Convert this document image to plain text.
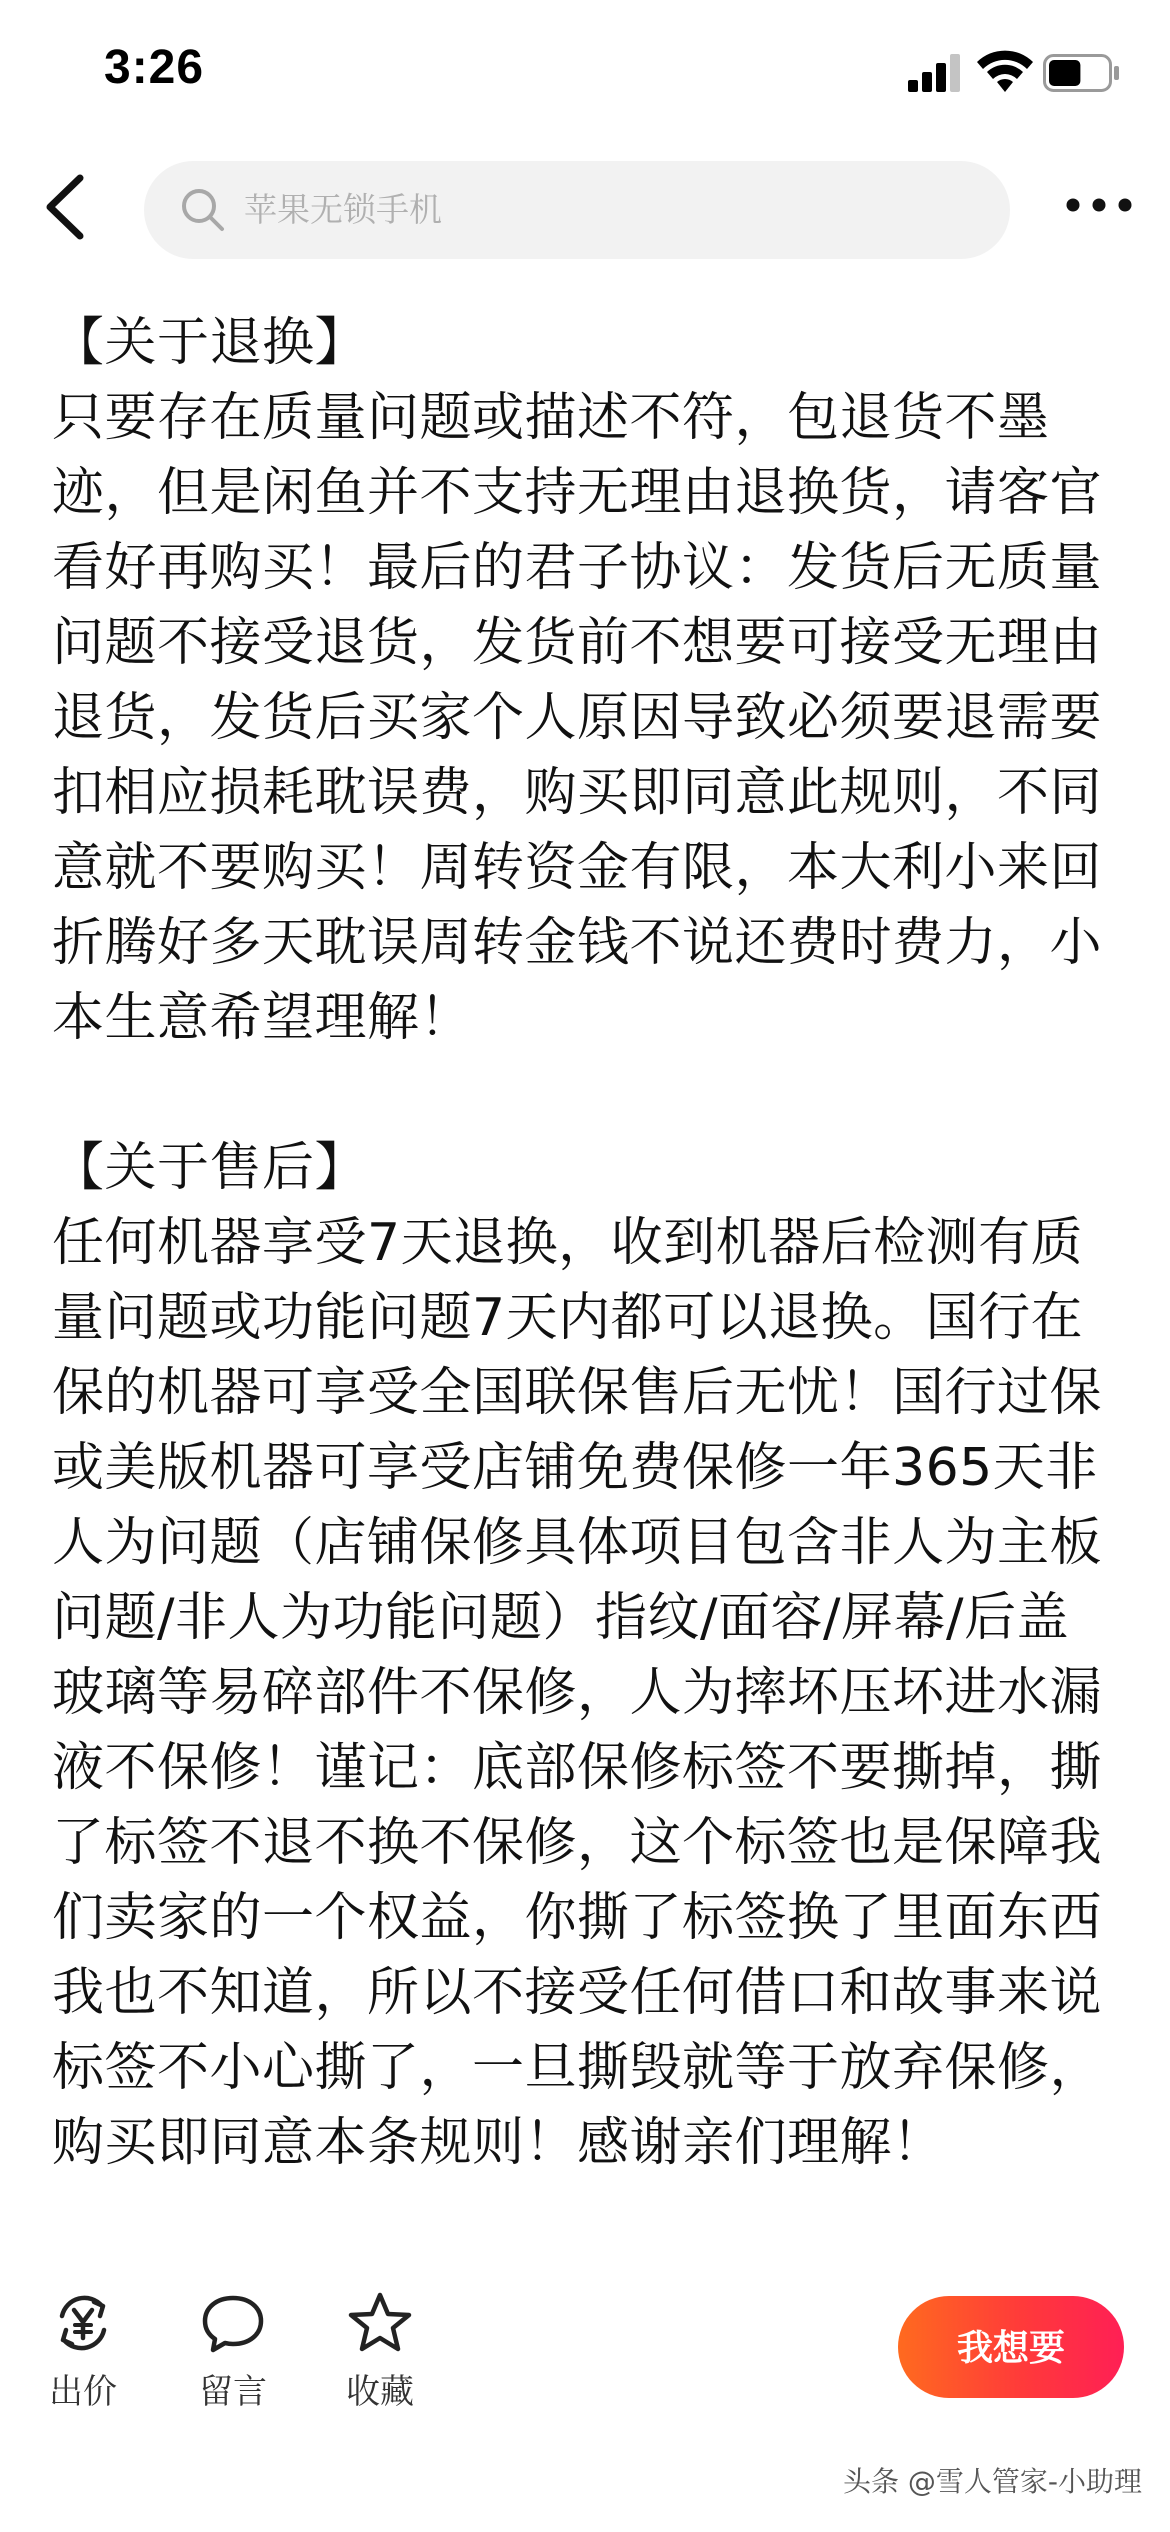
3:26
苹果无锁手机
【关于退换】
只要存在质量问题或描述不符，包退货不墨迹，但是闲鱼并不支持无理由退换货，请客官看好再购买！最后的君子协议：发货后无质量问题不接受退货，发货前不想要可接受无理由退货，发货后买家个人原因导致必须要退需要扣相应损耗耽误费，购买即同意此规则，不同意就不要购买！周转资金有限，本大利小来回折腾好多天耽误周转金钱不说还费时费力，小本生意希望理解！

【关于售后】
任何机器享受7天退换，收到机器后检测有质量问题或功能问题7天内都可以退换。国行在保的机器可享受全国联保售后无忧！国行过保或美版机器可享受店铺免费保修一年365天非人为问题（店铺保修具体项目包含非人为主板问题/非人为功能问题）指纹/面容/屏幕/后盖玻璃等易碎部件不保修，人为摔坏压坏进水漏液不保修！谨记：底部保修标签不要撕掉，撕了标签不退不换不保修，这个标签也是保障我们卖家的一个权益，你撕了标签换了里面东西我也不知道，所以不接受任何借口和故事来说标签不小心撕了，一旦撕毁就等于放弃保修，购买即同意本条规则！感谢亲们理解！
出价	留言	收藏
我想要
头条 @雪人管家-小助理
